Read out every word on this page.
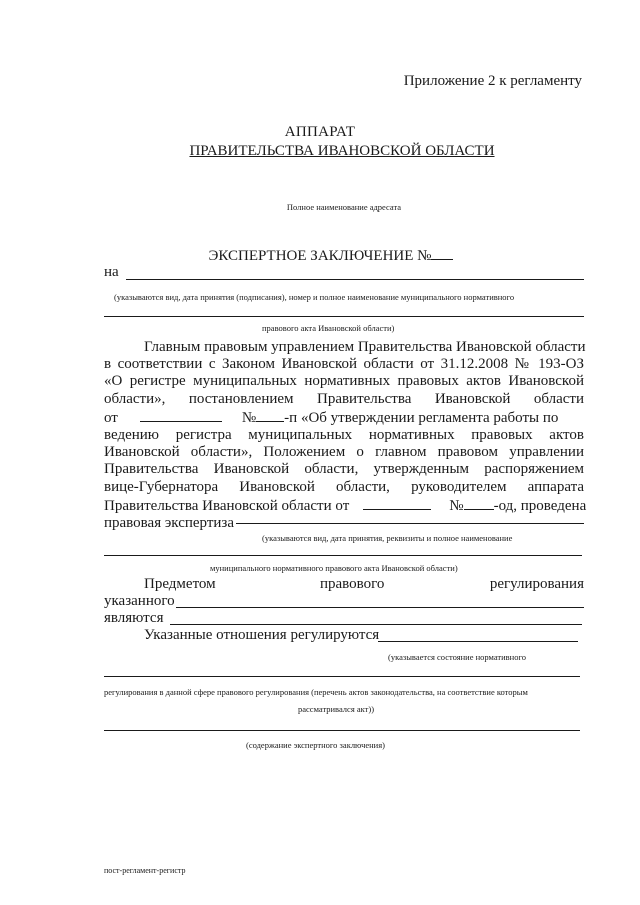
Приложение 2 к регламенту
АППАРАТ
ПРАВИТЕЛЬСТВА ИВАНОВСКОЙ ОБЛАСТИ
Полное наименование адресата
ЭКСПЕРТНОЕ ЗАКЛЮЧЕНИЕ №
на
(указываются вид, дата принятия (подписания), номер и полное наименование муниципального нормативного
правового акта Ивановской области)
Главным правовым управлением Правительства Ивановской области
в соответствии с Законом Ивановской области от 31.12.2008 № 193-ОЗ
«О регистре муниципальных нормативных правовых актов Ивановской
области», постановлением Правительства Ивановской области
от	№ -п «Об утверждении регламента работы по
ведению регистра муниципальных нормативных правовых актов
Ивановской области», Положением о главном правовом управлении
Правительства Ивановской области, утвержденным распоряжением
вице-Губернатора Ивановской области, руководителем аппарата
Правительства Ивановской области от	№ -од, проведена
правовая экспертиза
(указываются вид, дата принятия, реквизиты и полное наименование
муниципального нормативного правового акта Ивановской области)
Предметом	правового	регулирования
указанного
являются
Указанные отношения регулируются
(указывается состояние нормативного
регулирования в данной сфере правового регулирования (перечень актов законодательства, на соответствие которым
рассматривался акт))
(содержание экспертного заключения)
пост-регламент-регистр
